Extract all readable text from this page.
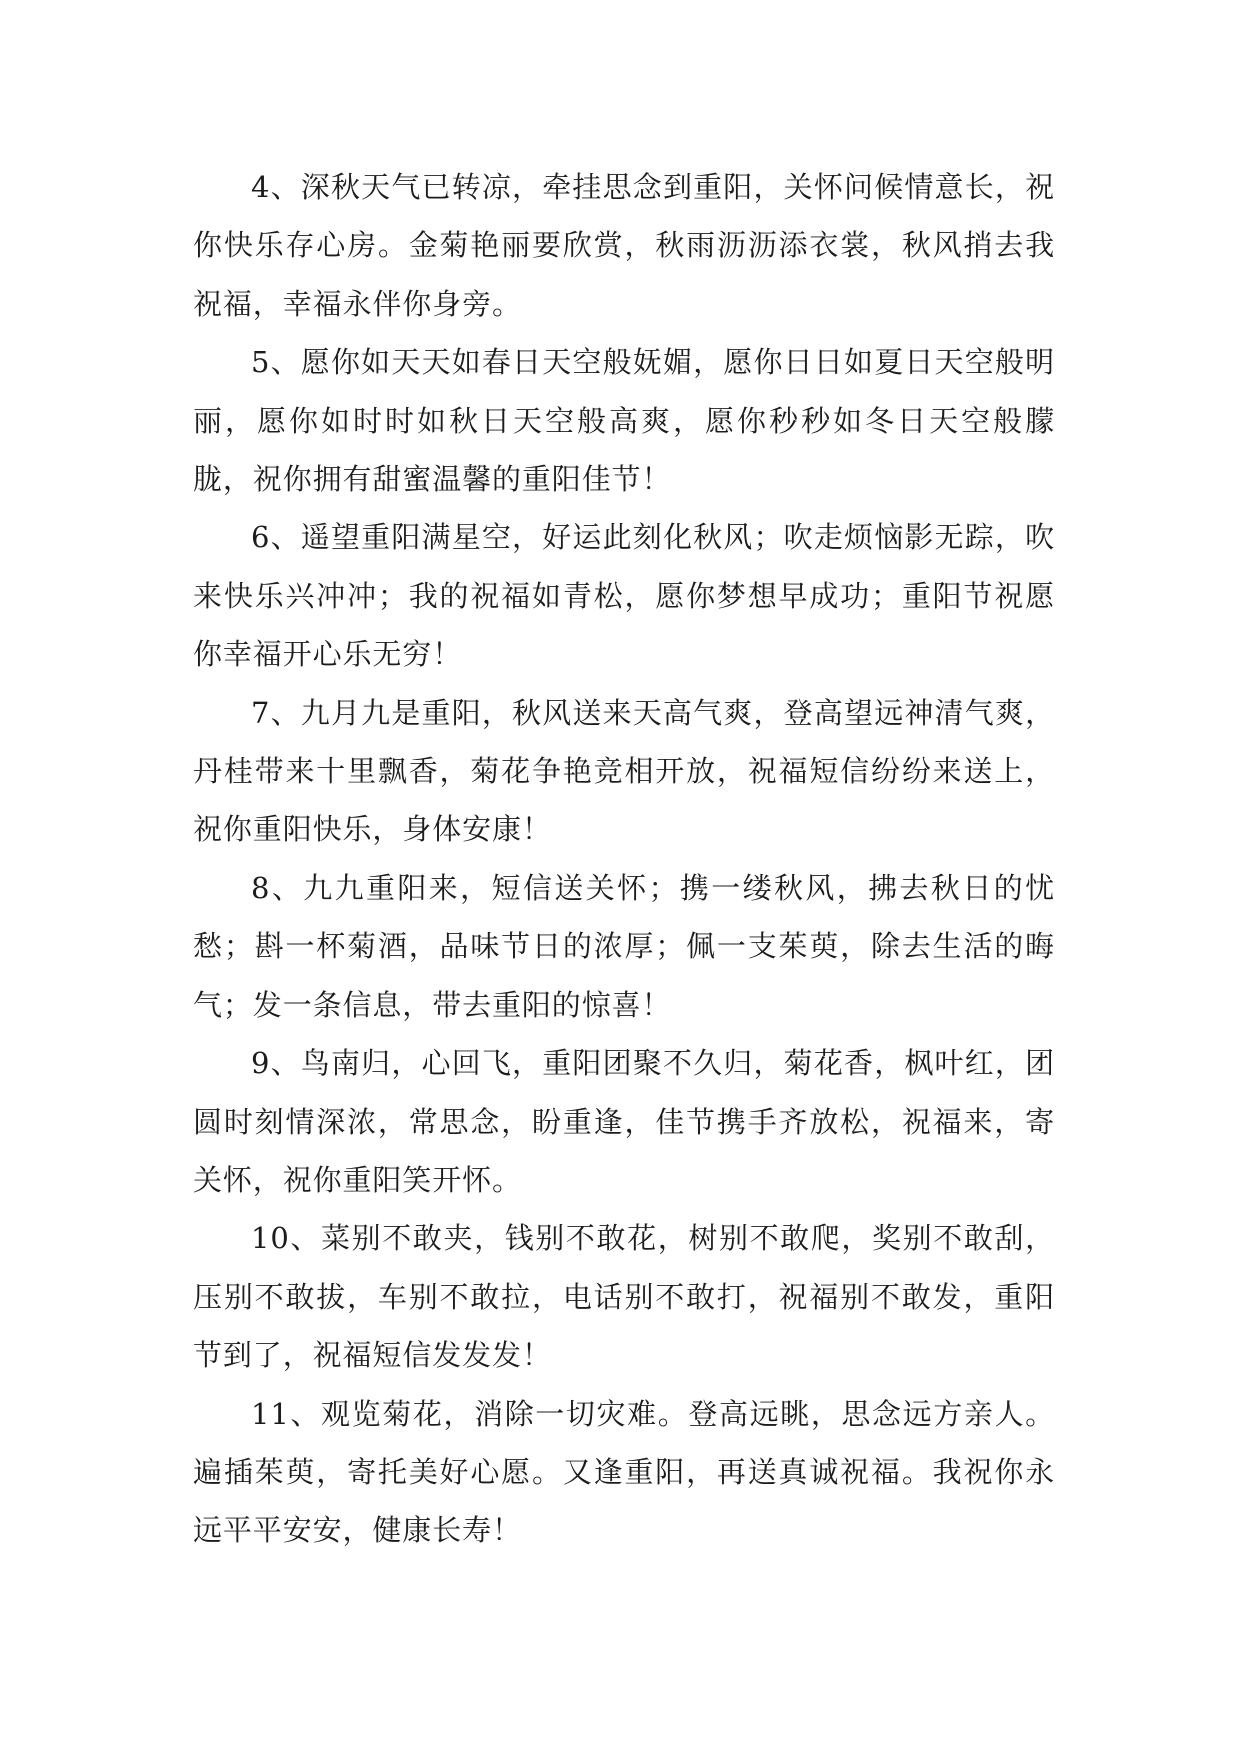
4、深秋天气已转凉，牵挂思念到重阳，关怀问候情意长，祝你快乐存心房。金菊艳丽要欣赏，秋雨沥沥添衣裳，秋风捎去我祝福，幸福永伴你身旁。

5、愿你如天天如春日天空般妩媚，愿你日日如夏日天空般明丽，愿你如时时如秋日天空般高爽，愿你秒秒如冬日天空般朦胧，祝你拥有甜蜜温馨的重阳佳节！

6、遥望重阳满星空，好运此刻化秋风；吹走烦恼影无踪，吹来快乐兴冲冲；我的祝福如青松，愿你梦想早成功；重阳节祝愿你幸福开心乐无穷！

7、九月九是重阳，秋风送来天高气爽，登高望远神清气爽，丹桂带来十里飘香，菊花争艳竞相开放，祝福短信纷纷来送上，祝你重阳快乐，身体安康！

8、九九重阳来，短信送关怀；携一缕秋风，拂去秋日的忧愁；斟一杯菊酒，品味节日的浓厚；佩一支茱萸，除去生活的晦气；发一条信息，带去重阳的惊喜！

9、鸟南归，心回飞，重阳团聚不久归，菊花香，枫叶红，团圆时刻情深浓，常思念，盼重逢，佳节携手齐放松，祝福来，寄关怀，祝你重阳笑开怀。

10、菜别不敢夹，钱别不敢花，树别不敢爬，奖别不敢刮，压别不敢拔，车别不敢拉，电话别不敢打，祝福别不敢发，重阳节到了，祝福短信发发发！

11、观览菊花，消除一切灾难。登高远眺，思念远方亲人。遍插茱萸，寄托美好心愿。又逢重阳，再送真诚祝福。我祝你永远平平安安，健康长寿！
